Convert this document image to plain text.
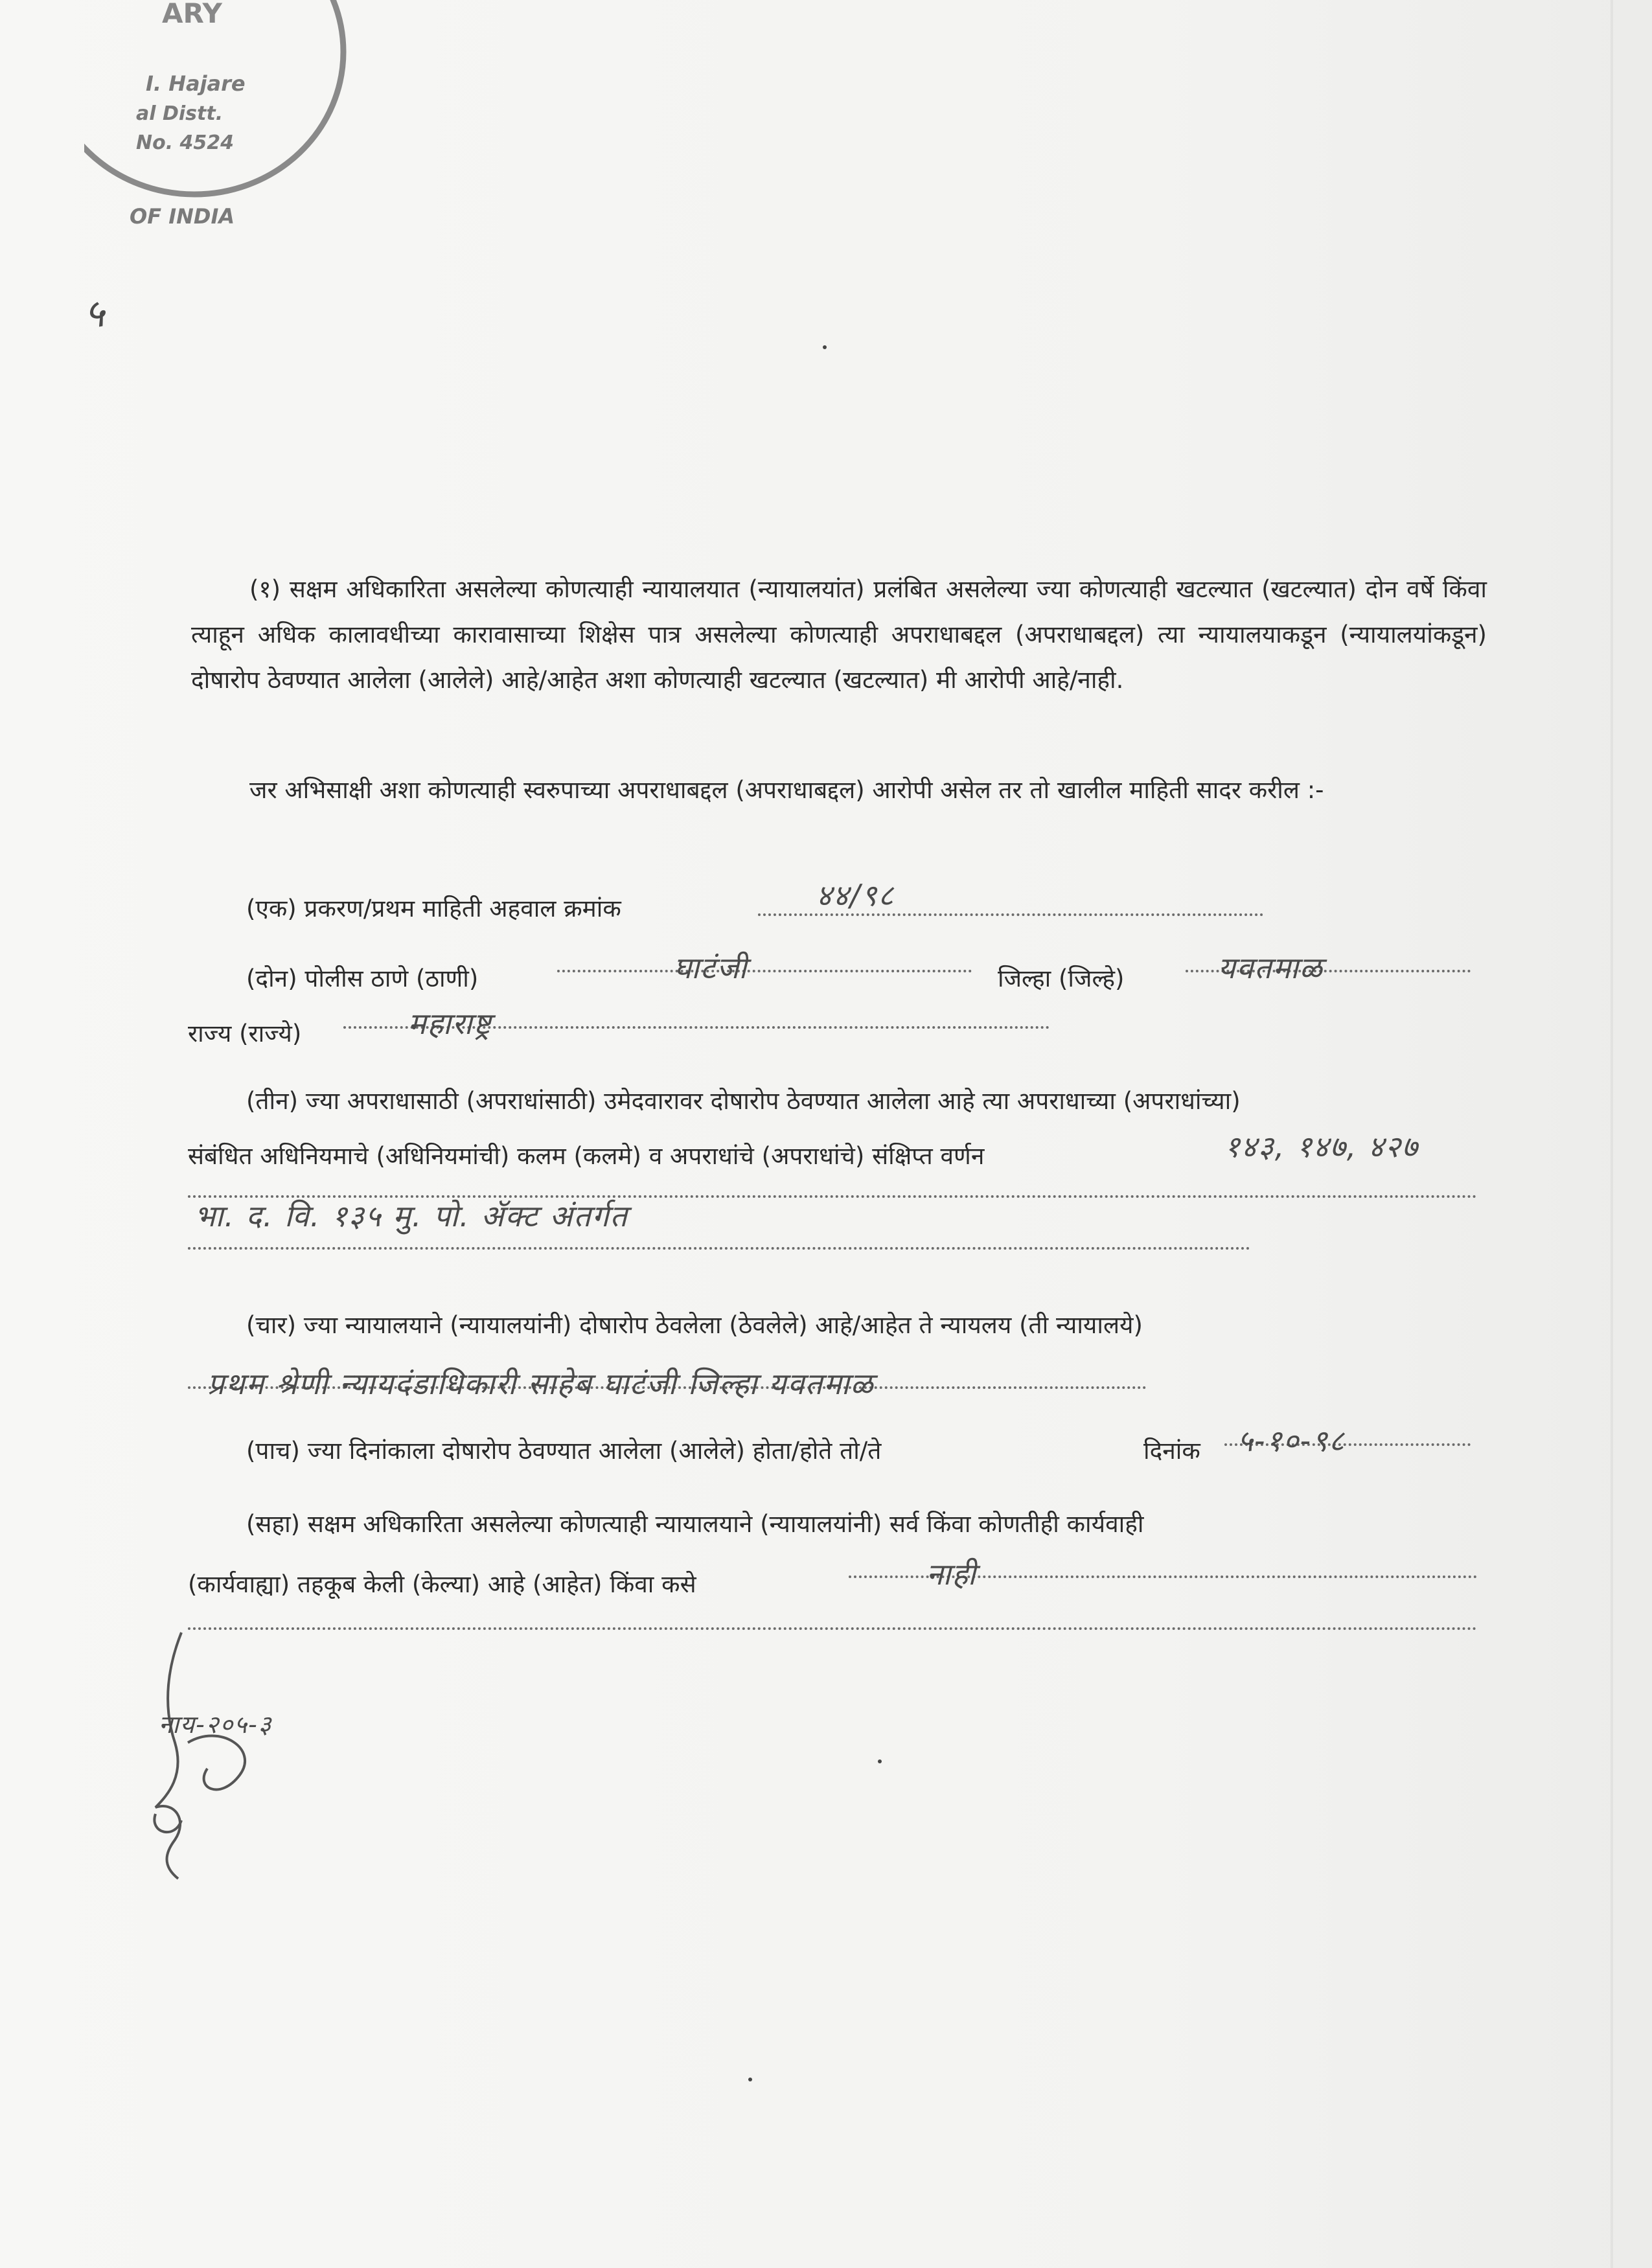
ARY
I. Hajare
al Distt.
No. 4524
OF INDIA
५
(१) सक्षम अधिकारिता असलेल्या कोणत्याही न्यायालयात (न्यायालयांत) प्रलंबित असलेल्या ज्या कोणत्याही खटल्यात (खटल्यात) दोन वर्षे किंवा त्याहून अधिक कालावधीच्या कारावासाच्या शिक्षेस पात्र असलेल्या कोणत्याही अपराधाबद्दल (अपराधाबद्दल) त्या न्यायालयाकडून (न्यायालयांकडून) दोषारोप ठेवण्यात आलेला (आलेले) आहे/आहेत अशा कोणत्याही खटल्यात (खटल्यात) मी आरोपी आहे/नाही.
जर अभिसाक्षी अशा कोणत्याही स्वरुपाच्या अपराधाबद्दल (अपराधाबद्दल) आरोपी असेल तर तो खालील माहिती सादर करील :-
(एक) प्रकरण/प्रथम माहिती अहवाल क्रमांक	४४/९८
(दोन) पोलीस ठाणे (ठाणी)	घाटंजी	जिल्हा (जिल्हे)	यवतमाळ
राज्य (राज्ये)	महाराष्ट्र
(तीन) ज्या अपराधासाठी (अपराधांसाठी) उमेदवारावर दोषारोप ठेवण्यात आलेला आहे त्या अपराधाच्या (अपराधांच्या)
संबंधित अधिनियमाचे (अधिनियमांची) कलम (कलमे) व अपराधांचे (अपराधांचे) संक्षिप्त वर्णन	१४३, १४७, ४२७
भा. द. वि. १३५ मु. पो. ॲक्ट अंतर्गत
(चार) ज्या न्यायालयाने (न्यायालयांनी) दोषारोप ठेवलेला (ठेवलेले) आहे/आहेत ते न्यायलय (ती न्यायालये)
प्रथम श्रेणी न्यायदंडाधिकारी साहेब घाटंजी जिल्हा यवतमाळ
(पाच) ज्या दिनांकाला दोषारोप ठेवण्यात आलेला (आलेले) होता/होते तो/ते	दिनांक ५-१०-९८
(सहा) सक्षम अधिकारिता असलेल्या कोणत्याही न्यायालयाने (न्यायालयांनी) सर्व किंवा कोणतीही कार्यवाही
(कार्यवाह्या) तहकूब केली (केल्या) आहे (आहेत) किंवा कसे	नाही
नाय-२०५-३
